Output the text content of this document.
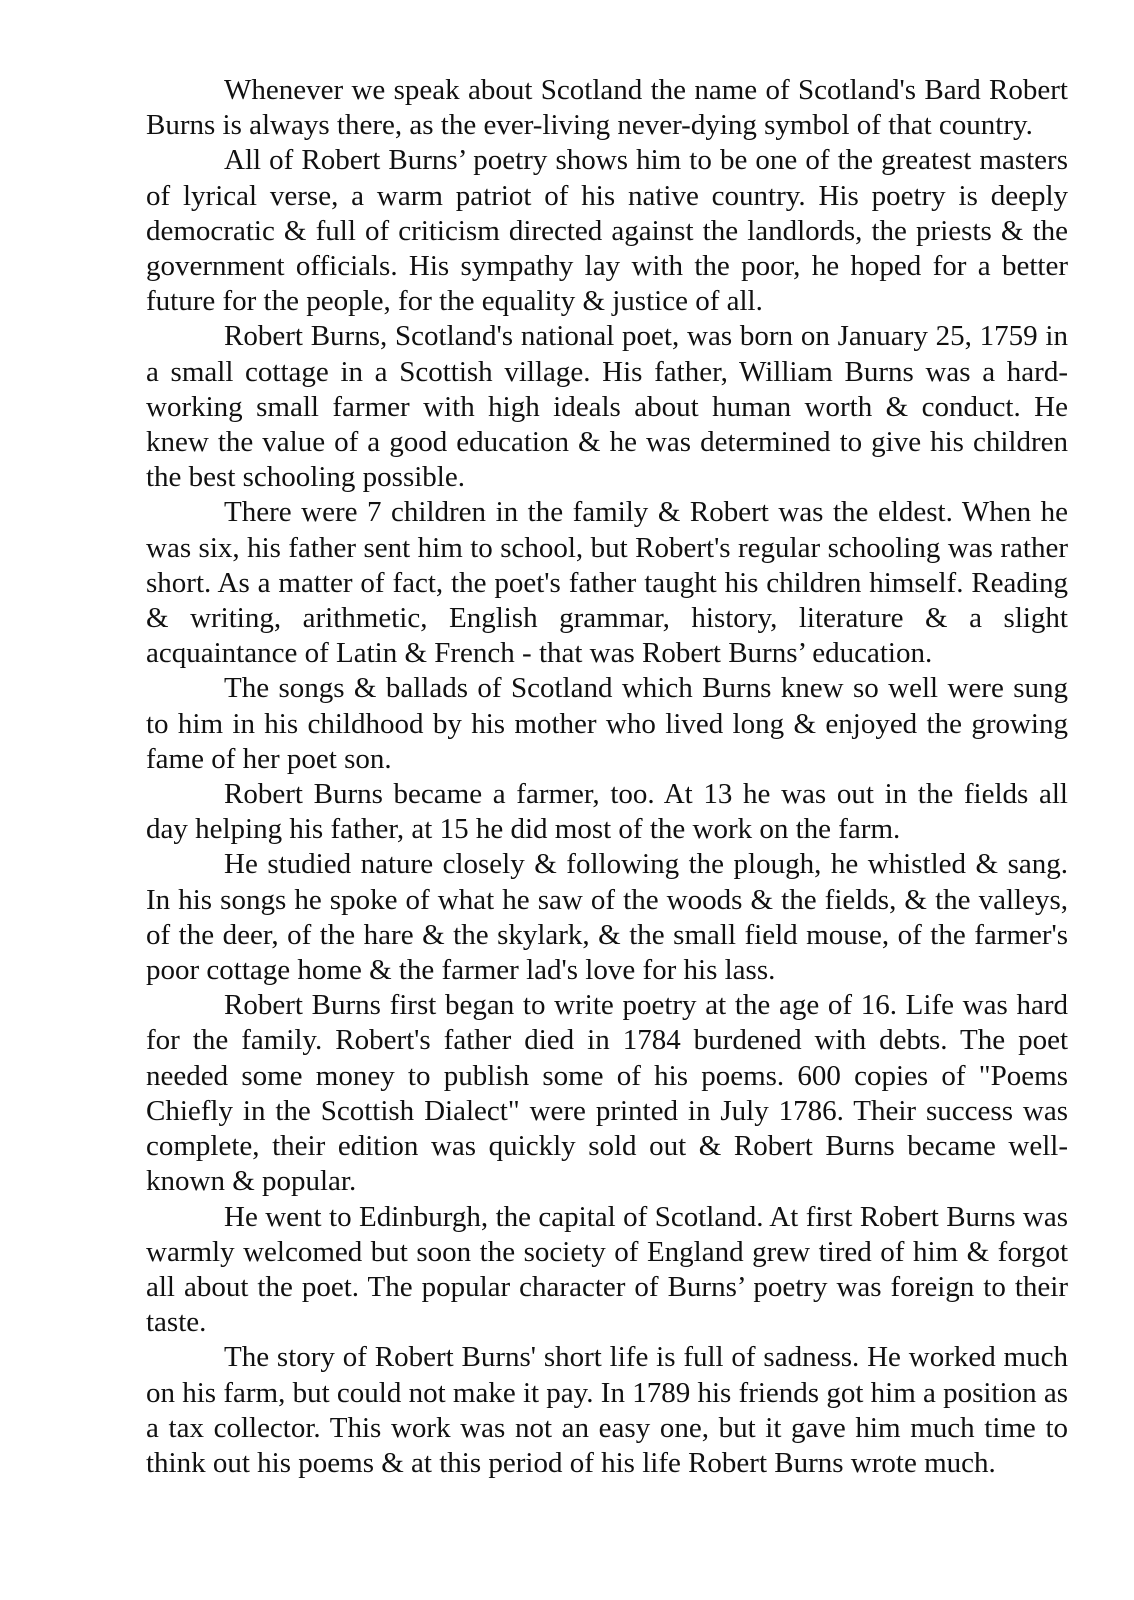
Whenever we speak about Scotland the name of Scotland's Bard Robert Burns is always there, as the ever-living never-dying symbol of that country.

All of Robert Burns’ poetry shows him to be one of the greatest masters of lyrical verse, a warm patriot of his native country. His poetry is deeply democratic & full of criticism directed against the landlords, the priests & the government officials. His sympathy lay with the poor, he hoped for a better future for the people, for the equality & justice of all.

Robert Burns, Scotland's national poet, was born on January 25, 1759 in a small cottage in a Scottish village. His father, William Burns was a hard-working small farmer with high ideals about human worth & conduct. He knew the value of a good education & he was determined to give his children the best schooling possible.

There were 7 children in the family & Robert was the eldest. When he was six, his father sent him to school, but Robert's regular schooling was rather short. As a matter of fact, the poet's father taught his children himself. Reading & writing, arithmetic, English grammar, history, literature & a slight acquaintance of Latin & French - that was Robert Burns’ education.

The songs & ballads of Scotland which Burns knew so well were sung to him in his childhood by his mother who lived long & enjoyed the growing fame of her poet son.

Robert Burns became a farmer, too. At 13 he was out in the fields all day helping his father, at 15 he did most of the work on the farm.

He studied nature closely & following the plough, he whistled & sang. In his songs he spoke of what he saw of the woods & the fields, & the valleys, of the deer, of the hare & the skylark, & the small field mouse, of the farmer's poor cottage home & the farmer lad's love for his lass.

Robert Burns first began to write poetry at the age of 16. Life was hard for the family. Robert's father died in 1784 burdened with debts. The poet needed some money to publish some of his poems. 600 copies of "Poems Chiefly in the Scottish Dialect" were printed in July 1786. Their success was complete, their edition was quickly sold out & Robert Burns became well-known & popular.

He went to Edinburgh, the capital of Scotland. At first Robert Burns was warmly welcomed but soon the society of England grew tired of him & forgot all about the poet. The popular character of Burns’ poetry was foreign to their taste.

The story of Robert Burns' short life is full of sadness. He worked much on his farm, but could not make it pay. In 1789 his friends got him a position as a tax collector. This work was not an easy one, but it gave him much time to think out his poems & at this period of his life Robert Burns wrote much.
